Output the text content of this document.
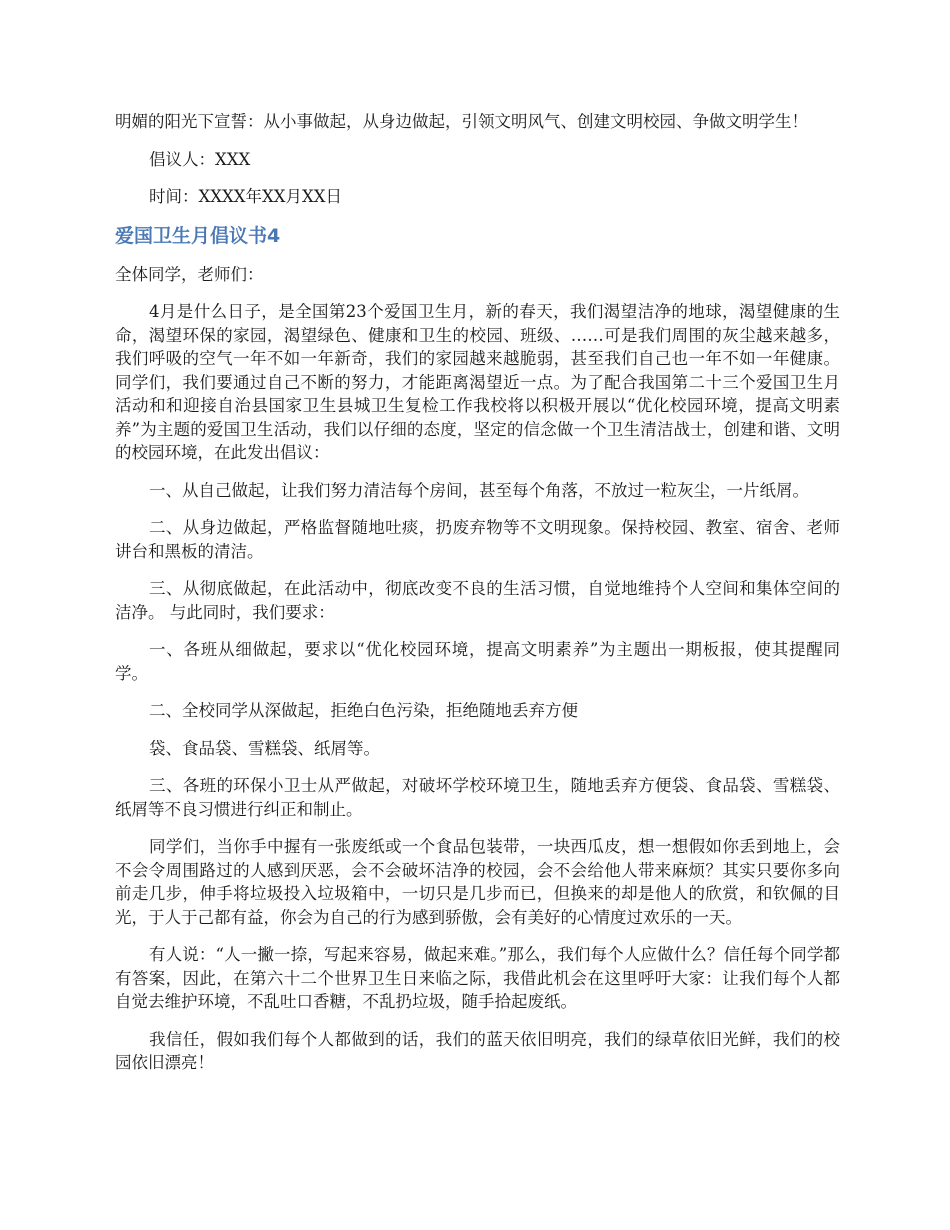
明媚的阳光下宣誓：从小事做起，从身边做起，引领文明风气、创建文明校园、争做文明学生！

倡议人：XXX

时间：XXXX年XX月XX日

爱国卫生月倡议书4

全体同学，老师们：

4月是什么日子，是全国第23个爱国卫生月，新的春天，我们渴望洁净的地球，渴望健康的生命，渴望环保的家园，渴望绿色、健康和卫生的校园、班级、……可是我们周围的灰尘越来越多，我们呼吸的空气一年不如一年新奇，我们的家园越来越脆弱，甚至我们自己也一年不如一年健康。同学们，我们要通过自己不断的努力，才能距离渴望近一点。为了配合我国第二十三个爱国卫生月活动和和迎接自治县国家卫生县城卫生复检工作我校将以积极开展以“优化校园环境，提高文明素养”为主题的爱国卫生活动，我们以仔细的态度，坚定的信念做一个卫生清洁战士，创建和谐、文明的校园环境，在此发出倡议：

一、从自己做起，让我们努力清洁每个房间，甚至每个角落，不放过一粒灰尘，一片纸屑。

二、从身边做起，严格监督随地吐痰，扔废弃物等不文明现象。保持校园、教室、宿舍、老师讲台和黑板的清洁。

三、从彻底做起，在此活动中，彻底改变不良的生活习惯，自觉地维持个人空间和集体空间的洁净。 与此同时，我们要求：

一、各班从细做起，要求以“优化校园环境，提高文明素养”为主题出一期板报，使其提醒同学。

二、全校同学从深做起，拒绝白色污染，拒绝随地丢弃方便

袋、食品袋、雪糕袋、纸屑等。

三、各班的环保小卫士从严做起，对破坏学校环境卫生，随地丢弃方便袋、食品袋、雪糕袋、纸屑等不良习惯进行纠正和制止。

同学们，当你手中握有一张废纸或一个食品包装带，一块西瓜皮，想一想假如你丢到地上，会不会令周围路过的人感到厌恶，会不会破坏洁净的校园，会不会给他人带来麻烦？其实只要你多向前走几步，伸手将垃圾投入垃圾箱中，一切只是几步而已，但换来的却是他人的欣赏，和钦佩的目光，于人于己都有益，你会为自己的行为感到骄傲，会有美好的心情度过欢乐的一天。

有人说：“人一撇一捺，写起来容易，做起来难。”那么，我们每个人应做什么？信任每个同学都有答案，因此，在第六十二个世界卫生日来临之际，我借此机会在这里呼吁大家：让我们每个人都自觉去维护环境，不乱吐口香糖，不乱扔垃圾，随手拾起废纸。

我信任，假如我们每个人都做到的话，我们的蓝天依旧明亮，我们的绿草依旧光鲜，我们的校园依旧漂亮！
